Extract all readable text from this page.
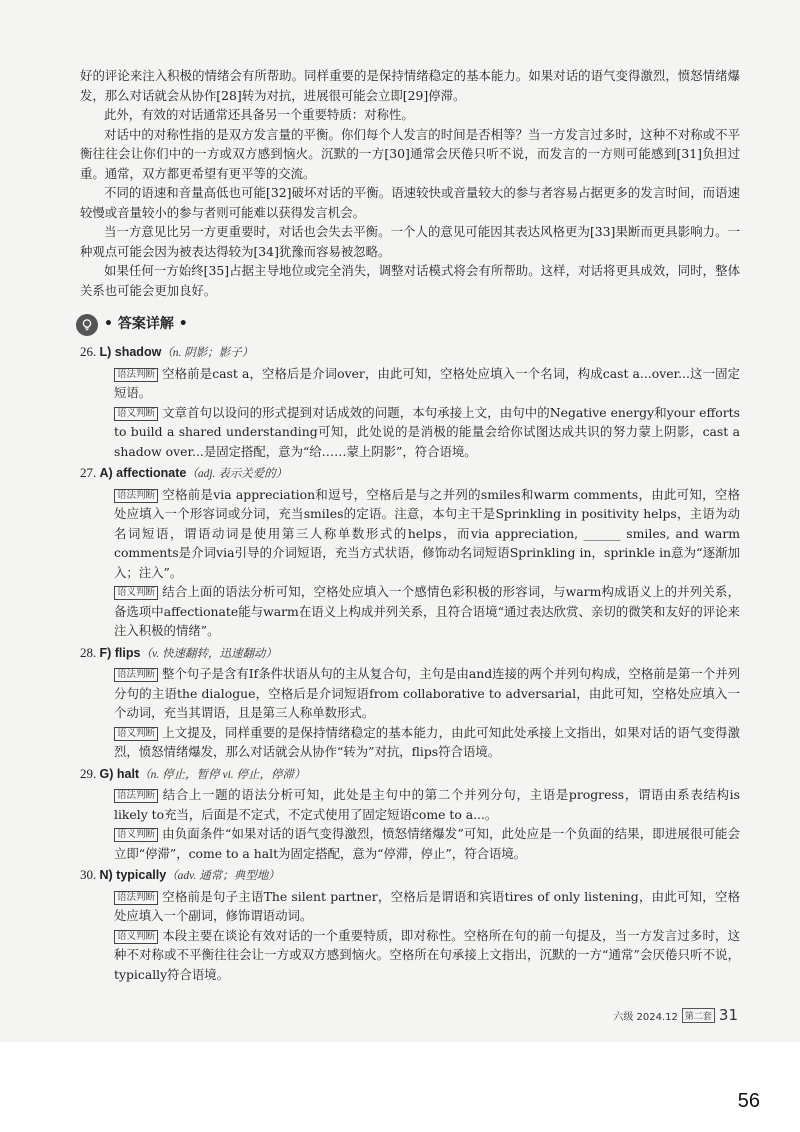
好的评论来注入积极的情绪会有所帮助。同样重要的是保持情绪稳定的基本能力。如果对话的语气变得激烈，愤怒情绪爆发，那么对话就会从协作[28]转为对抗，进展很可能会立即[29]停滞。

此外，有效的对话通常还具备另一个重要特质：对称性。

对话中的对称性指的是双方发言量的平衡。你们每个人发言的时间是否相等？当一方发言过多时，这种不对称或不平衡往往会让你们中的一方或双方感到恼火。沉默的一方[30]通常会厌倦只听不说，而发言的一方则可能感到[31]负担过重。通常，双方都更希望有更平等的交流。

不同的语速和音量高低也可能[32]破坏对话的平衡。语速较快或音量较大的参与者容易占据更多的发言时间，而语速较慢或音量较小的参与者则可能难以获得发言机会。

当一方意见比另一方更重要时，对话也会失去平衡。一个人的意见可能因其表达风格更为[33]果断而更具影响力。一种观点可能会因为被表达得较为[34]犹豫而容易被忽略。

如果任何一方始终[35]占据主导地位或完全消失，调整对话模式将会有所帮助。这样，对话将更具成效，同时，整体关系也可能会更加良好。

• 答案详解 •

26. L) shadow（n. 阴影；影子）

语法判断 空格前是cast a，空格后是介词over，由此可知，空格处应填入一个名词，构成cast a...over...这一固定短语。

语义判断 文章首句以设问的形式提到对话成效的问题，本句承接上文，由句中的Negative energy和your efforts to build a shared understanding可知，此处说的是消极的能量会给你试图达成共识的努力蒙上阴影，cast a shadow over...是固定搭配，意为“给……蒙上阴影”，符合语境。

27. A) affectionate（adj. 表示关爱的）

语法判断 空格前是via appreciation和逗号，空格后是与之并列的smiles和warm comments，由此可知，空格处应填入一个形容词或分词，充当smiles的定语。注意，本句主干是Sprinkling in positivity helps，主语为动名词短语，谓语动词是使用第三人称单数形式的helps，而via appreciation, ______ smiles, and warm comments是介词via引导的介词短语，充当方式状语，修饰动名词短语Sprinkling in，sprinkle in意为“逐渐加入；注入”。

语义判断 结合上面的语法分析可知，空格处应填入一个感情色彩积极的形容词，与warm构成语义上的并列关系，备选项中affectionate能与warm在语义上构成并列关系，且符合语境“通过表达欣赏、亲切的微笑和友好的评论来注入积极的情绪”。

28. F) flips（v. 快速翻转，迅速翻动）

语法判断 整个句子是含有If条件状语从句的主从复合句，主句是由and连接的两个并列句构成，空格前是第一个并列分句的主语the dialogue，空格后是介词短语from collaborative to adversarial，由此可知，空格处应填入一个动词，充当其谓语，且是第三人称单数形式。

语义判断 上文提及，同样重要的是保持情绪稳定的基本能力，由此可知此处承接上文指出，如果对话的语气变得激烈，愤怒情绪爆发，那么对话就会从协作“转为”对抗，flips符合语境。

29. G) halt（n. 停止，暂停 vi. 停止，停滞）

语法判断 结合上一题的语法分析可知，此处是主句中的第二个并列分句，主语是progress，谓语由系表结构is likely to充当，后面是不定式，不定式使用了固定短语come to a...。

语义判断 由负面条件“如果对话的语气变得激烈，愤怒情绪爆发”可知，此处应是一个负面的结果，即进展很可能会立即“停滞”，come to a halt为固定搭配，意为“停滞，停止”，符合语境。

30. N) typically（adv. 通常；典型地）

语法判断 空格前是句子主语The silent partner，空格后是谓语和宾语tires of only listening，由此可知，空格处应填入一个副词，修饰谓语动词。

语义判断 本段主要在谈论有效对话的一个重要特质，即对称性。空格所在句的前一句提及，当一方发言过多时，这种不对称或不平衡往往会让一方或双方感到恼火。空格所在句承接上文指出，沉默的一方“通常”会厌倦只听不说，typically符合语境。

六级 2024.12 第二套 31
56
